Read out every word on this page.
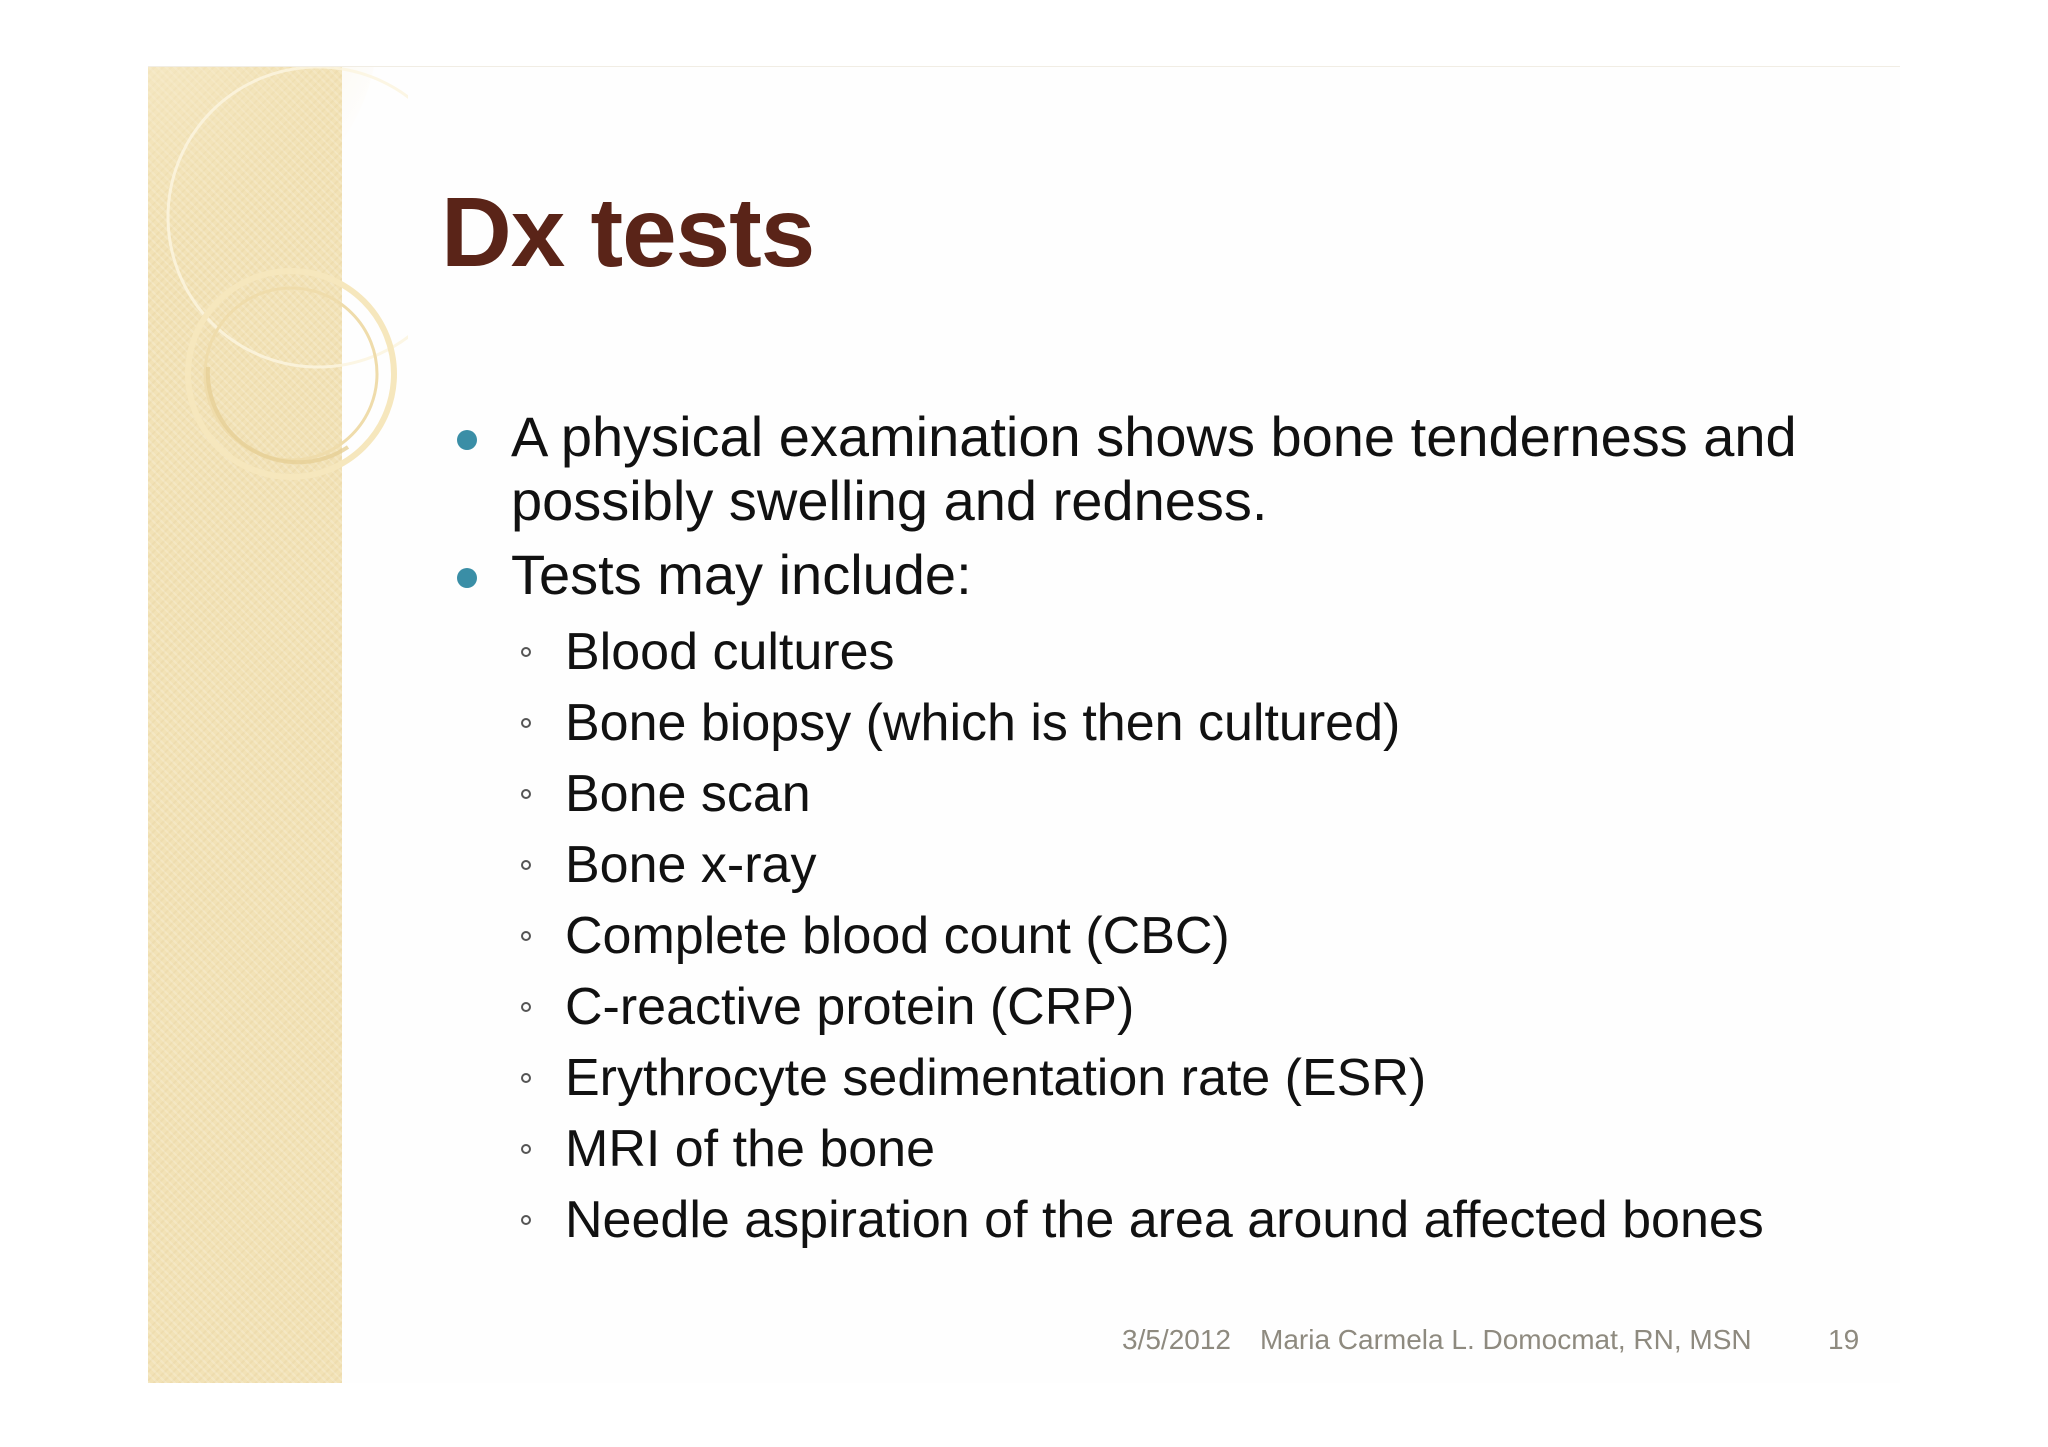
Dx tests
A physical examination shows bone tenderness and possibly swelling and redness.
Tests may include:
Blood cultures
Bone biopsy (which is then cultured)
Bone scan
Bone x-ray
Complete blood count (CBC)
C-reactive protein (CRP)
Erythrocyte sedimentation rate (ESR)
MRI of the bone
Needle aspiration of the area around affected bones
3/5/2012 Maria Carmela L. Domocmat, RN, MSN	19
